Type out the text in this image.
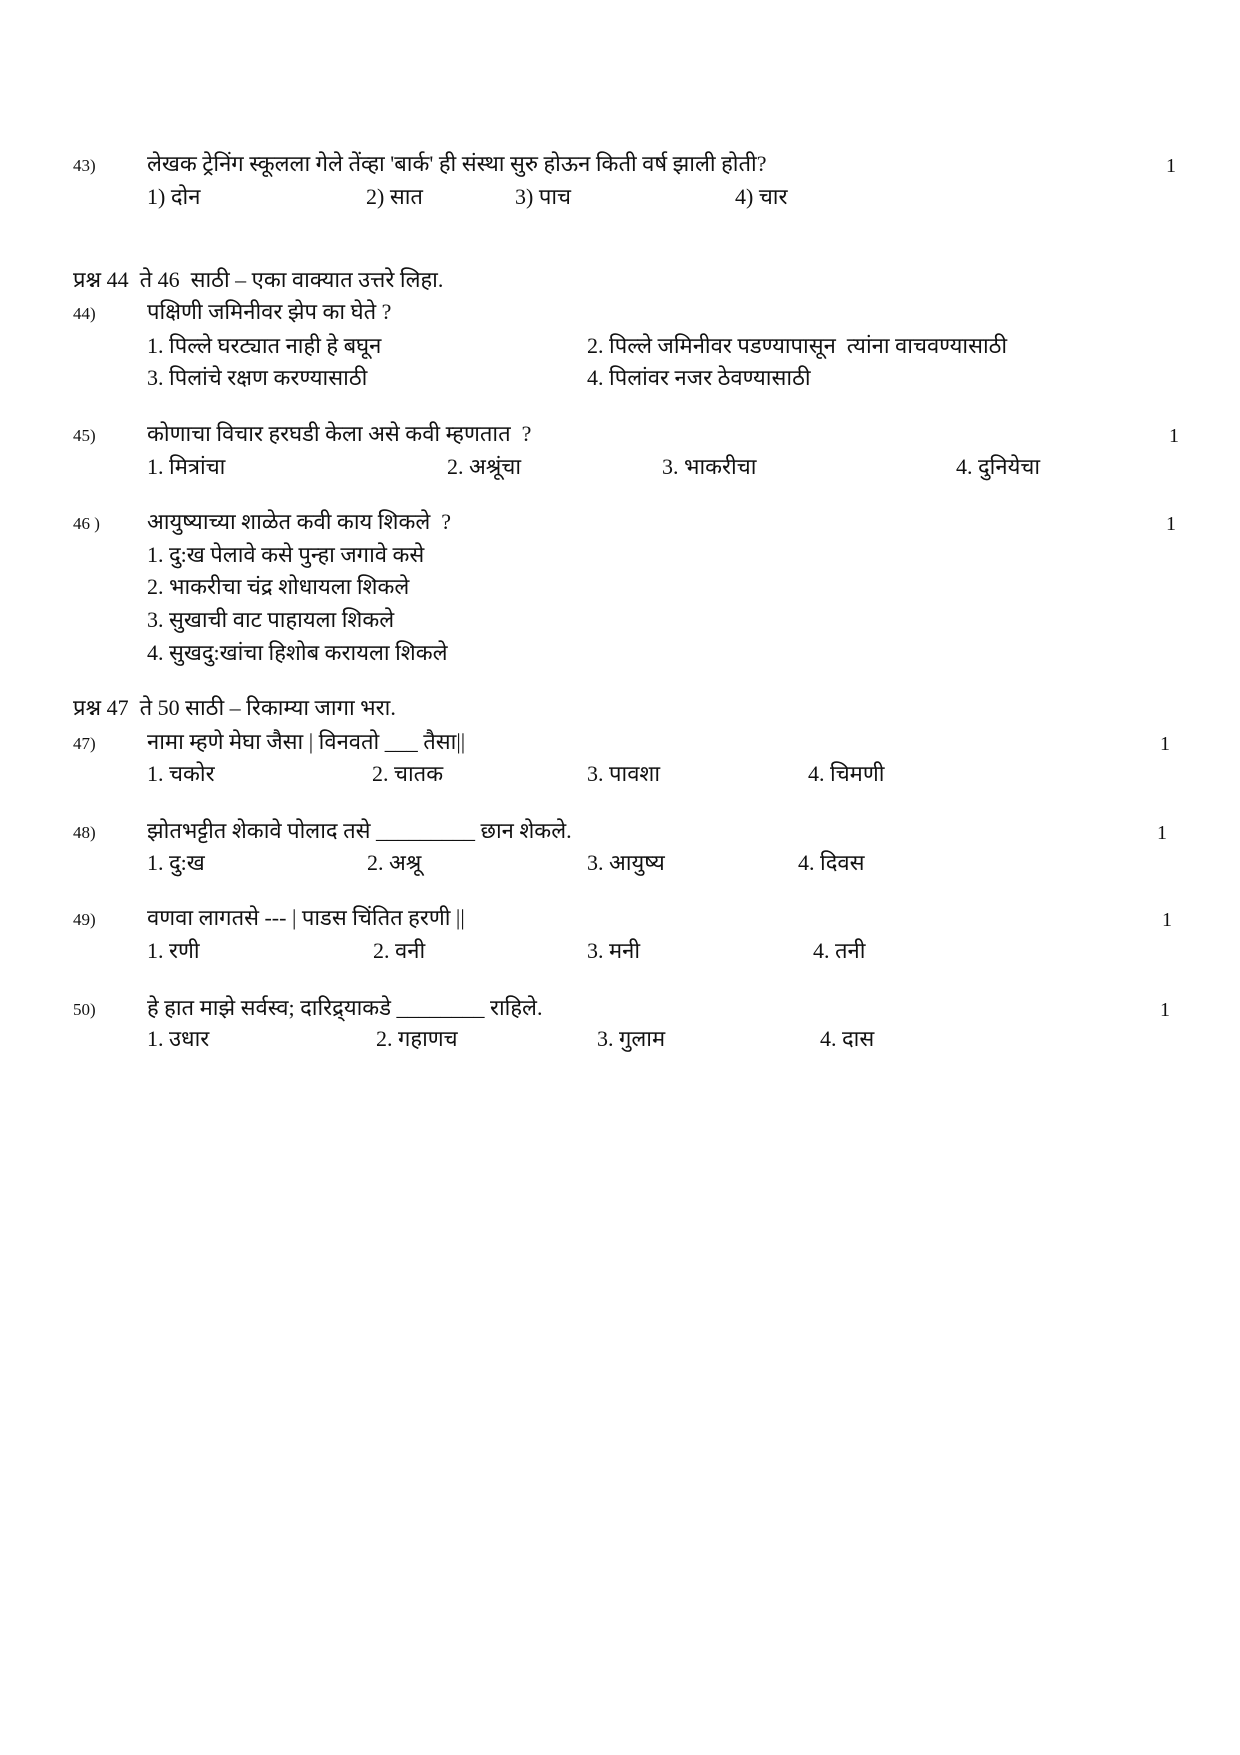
43) लेखक ट्रेनिंग स्कूलला गेले तेंव्हा 'बार्क' ही संस्था सुरु होऊन किती वर्ष झाली होती?	1
1) दोन	2) सात	3) पाच	4) चार
प्रश्न 44  ते 46  साठी – एका वाक्यात उत्तरे लिहा.
44) पक्षिणी जमिनीवर झेप का घेते ?
1. पिल्ले घरट्यात नाही हे बघून	2. पिल्ले जमिनीवर पडण्यापासून  त्यांना वाचवण्यासाठी
3. पिलांचे रक्षण करण्यासाठी	4. पिलांवर नजर ठेवण्यासाठी
45) कोणाचा विचार हरघडी केला असे कवी म्हणतात  ?	1
1. मित्रांचा	2. अश्रूंचा	3. भाकरीचा	4. दुनियेचा
46 ) आयुष्याच्या शाळेत कवी काय शिकले  ?	1
1. दु:ख पेलावे कसे पुन्हा जगावे कसे
2. भाकरीचा चंद्र शोधायला शिकले
3. सुखाची वाट पाहायला शिकले
4. सुखदु:खांचा हिशोब करायला शिकले
प्रश्न 47  ते 50 साठी – रिकाम्या जागा भरा.
47) नामा म्हणे मेघा जैसा | विनवतो ___ तैसा||	1
1. चकोर	2. चातक	3. पावशा	4. चिमणी
48) झोतभट्टीत शेकावे पोलाद तसे _________ छान शेकले.	1
1. दु:ख	2. अश्रू	3. आयुष्य	4. दिवस
49) वणवा लागतसे --- | पाडस चिंतित हरणी ||	1
1. रणी	2. वनी	3. मनी	4. तनी
50) हे हात माझे सर्वस्व; दारिद्र्याकडे ________ राहिले.	1
1. उधार	2. गहाणच	3. गुलाम	4. दास
